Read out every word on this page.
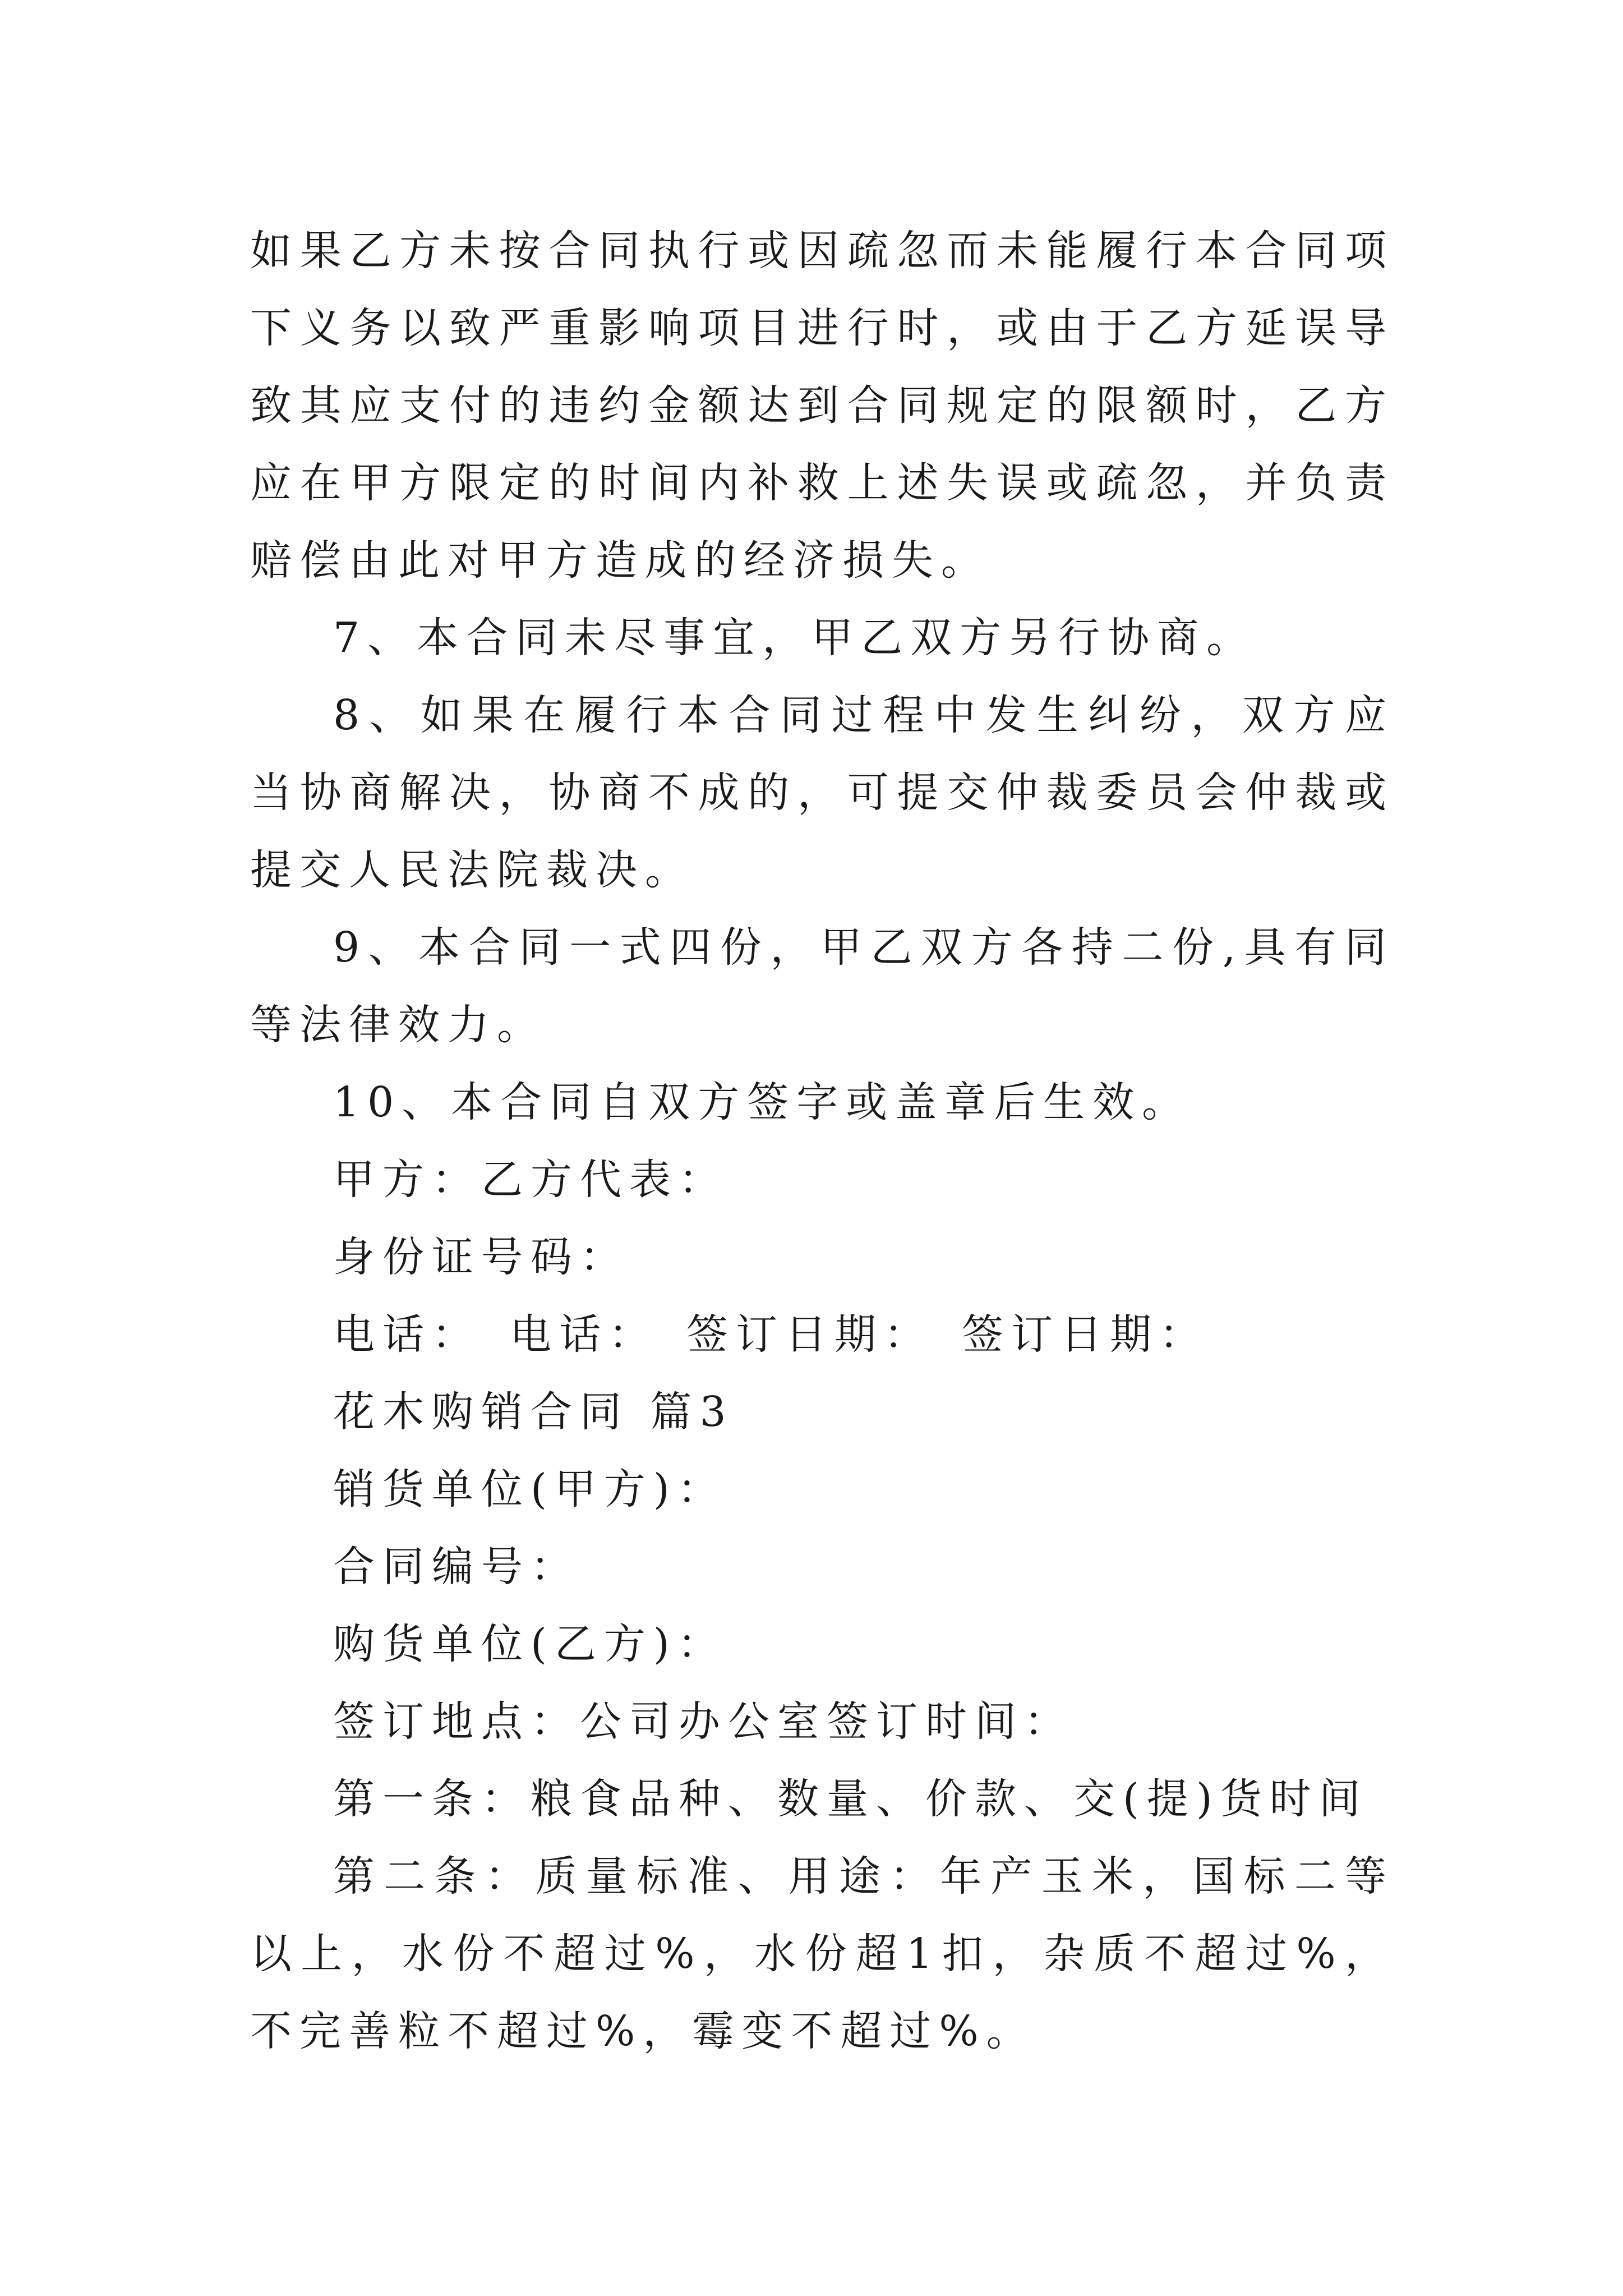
如果乙方未按合同执行或因疏忽而未能履行本合同项下义务以致严重影响项目进行时，或由于乙方延误导致其应支付的违约金额达到合同规定的限额时，乙方应在甲方限定的时间内补救上述失误或疏忽，并负责赔偿由此对甲方造成的经济损失。

7、本合同未尽事宜，甲乙双方另行协商。

8、如果在履行本合同过程中发生纠纷，双方应当协商解决，协商不成的，可提交仲裁委员会仲裁或提交人民法院裁决。

9、本合同一式四份，甲乙双方各持二份,具有同等法律效力。

10、本合同自双方签字或盖章后生效。

甲方：乙方代表：

身份证号码：

电话：　电话：　签订日期：　签订日期：

花木购销合同 篇3

销货单位(甲方)：

合同编号：

购货单位(乙方)：

签订地点：公司办公室签订时间：

第一条：粮食品种、数量、价款、交(提)货时间

第二条：质量标准、用途：年产玉米，国标二等以上，水份不超过%，水份超1扣，杂质不超过%，不完善粒不超过%，霉变不超过%。
